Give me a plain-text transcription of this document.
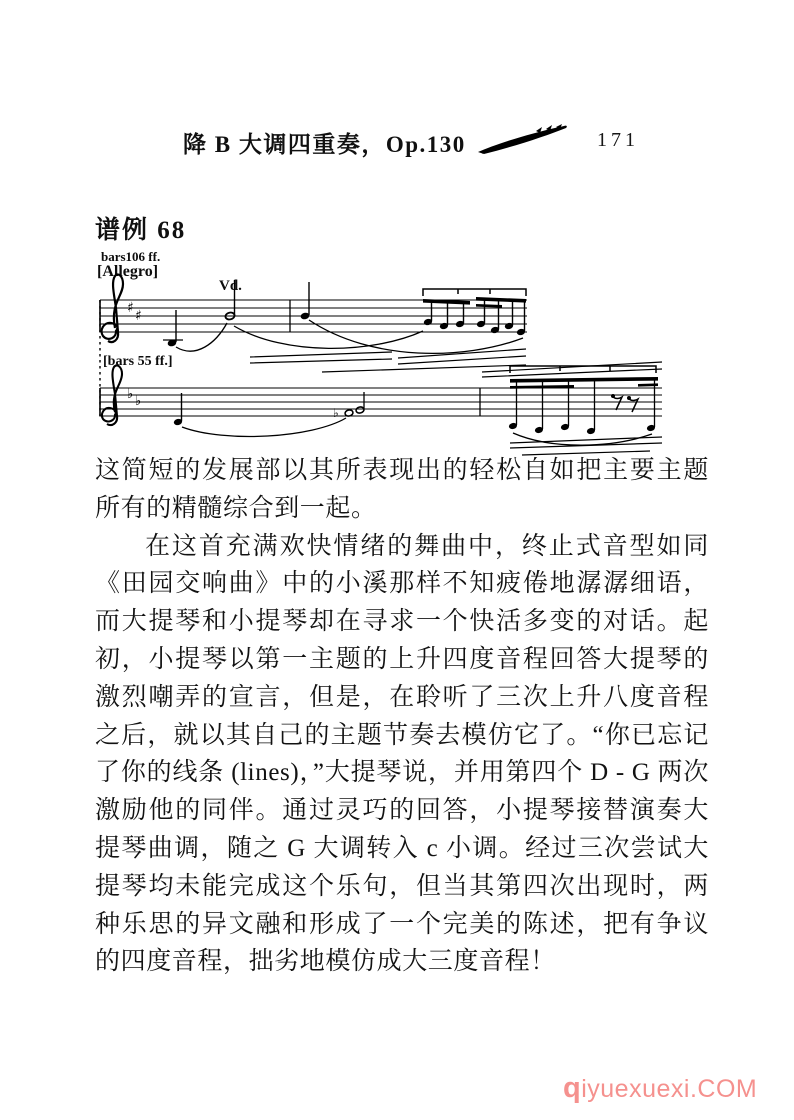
降 B 大调四重奏，Op.130	171
谱例 68
bars106 ff.
[Allegro]
Vd.
[bars 55 ff.]
♯ ♯
♭ ♭
♭

这简短的发展部以其所表现出的轻松自如把主要主题所有的精髓综合到一起。

在这首充满欢快情绪的舞曲中，终止式音型如同《田园交响曲》中的小溪那样不知疲倦地潺潺细语，而大提琴和小提琴却在寻求一个快活多变的对话。起初，小提琴以第一主题的上升四度音程回答大提琴的激烈嘲弄的宣言，但是，在聆听了三次上升八度音程之后，就以其自己的主题节奏去模仿它了。“你已忘记了你的线条 (lines)，”大提琴说，并用第四个 D - G 两次激励他的同伴。通过灵巧的回答，小提琴接替演奏大提琴曲调，随之 G 大调转入 c 小调。经过三次尝试大提琴均未能完成这个乐句，但当其第四次出现时，两种乐思的异文融和形成了一个完美的陈述，把有争议的四度音程，拙劣地模仿成大三度音程！

qiyuexuexi.COM
